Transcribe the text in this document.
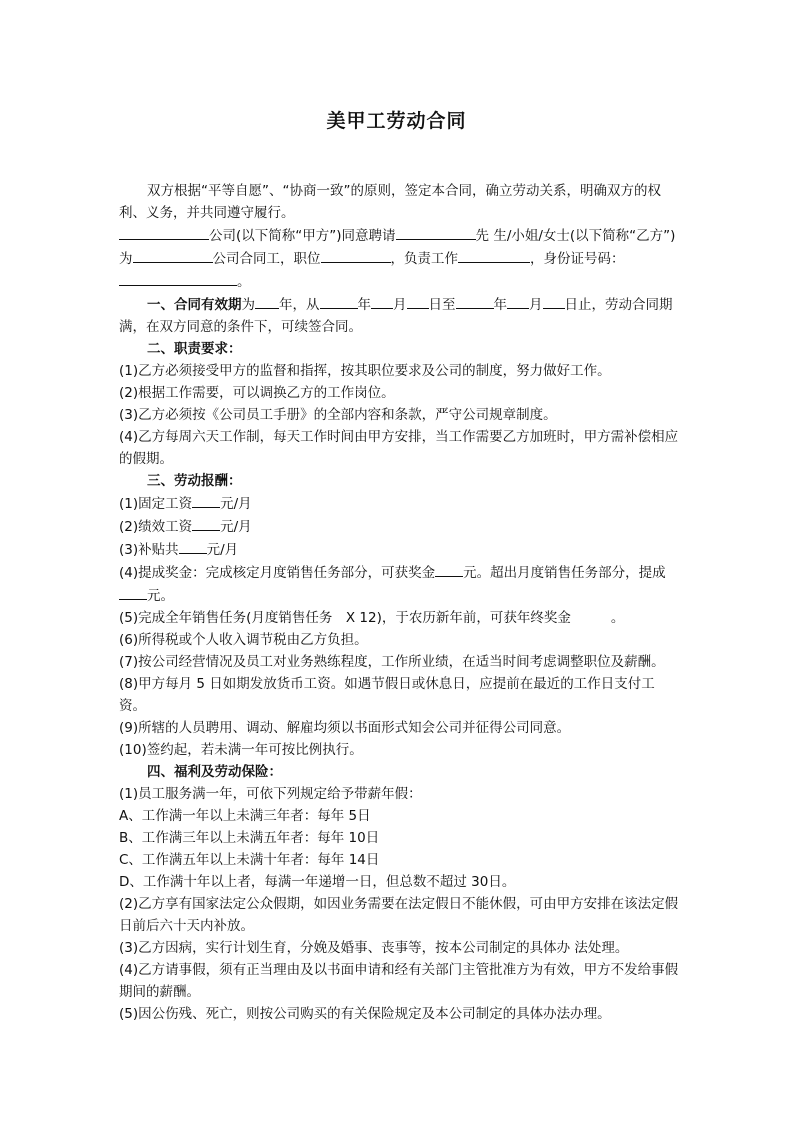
美甲工劳动合同

双方根据“平等自愿”、“协商一致”的原则，签定本合同，确立劳动关系，明确双方的权利、义务，并共同遵守履行。

公司(以下简称“甲方”)同意聘请	先 生/小姐/女士(以下简称“乙方”)为	公司合同工，职位	，负责工作	，身份证号码：。

一、合同有效期为 年，从	年 月 日至	年 月 日止，劳动合同期满，在双方同意的条件下，可续签合同。

二、职责要求：

(1)乙方必须接受甲方的监督和指挥，按其职位要求及公司的制度，努力做好工作。

(2)根据工作需要，可以调换乙方的工作岗位。

(3)乙方必须按《公司员工手册》的全部内容和条款，严守公司规章制度。

(4)乙方每周六天工作制，每天工作时间由甲方安排，当工作需要乙方加班时，甲方需补偿相应的假期。

三、劳动报酬：

(1)固定工资 元/月

(2)绩效工资 元/月

(3)补贴共 元/月

(4)提成奖金：完成核定月度销售任务部分，可获奖金 元。超出月度销售任务部分，提成元。

(5)完成全年销售任务(月度销售任务　X 12)，于农历新年前，可获年终奖金	。

(6)所得税或个人收入调节税由乙方负担。

(7)按公司经营情况及员工对业务熟练程度，工作所业绩，在适当时间考虑调整职位及薪酬。

(8)甲方每月 5 日如期发放货币工资。如遇节假日或休息日，应提前在最近的工作日支付工资。

(9)所辖的人员聘用、调动、解雇均须以书面形式知会公司并征得公司同意。

(10)签约起，若未满一年可按比例执行。

四、福利及劳动保险：

(1)员工服务满一年，可依下列规定给予带薪年假：

A、工作满一年以上未满三年者：每年 5日

B、工作满三年以上未满五年者：每年 10日

C、工作满五年以上未满十年者：每年 14日

D、工作满十年以上者，每满一年递增一日，但总数不超过 30日。

(2)乙方享有国家法定公众假期，如因业务需要在法定假日不能休假，可由甲方安排在该法定假日前后六十天内补放。

(3)乙方因病，实行计划生育，分娩及婚事、丧事等，按本公司制定的具体办 法处理。

(4)乙方请事假，须有正当理由及以书面申请和经有关部门主管批准方为有效，甲方不发给事假期间的薪酬。

(5)因公伤残、死亡，则按公司购买的有关保险规定及本公司制定的具体办法办理。
